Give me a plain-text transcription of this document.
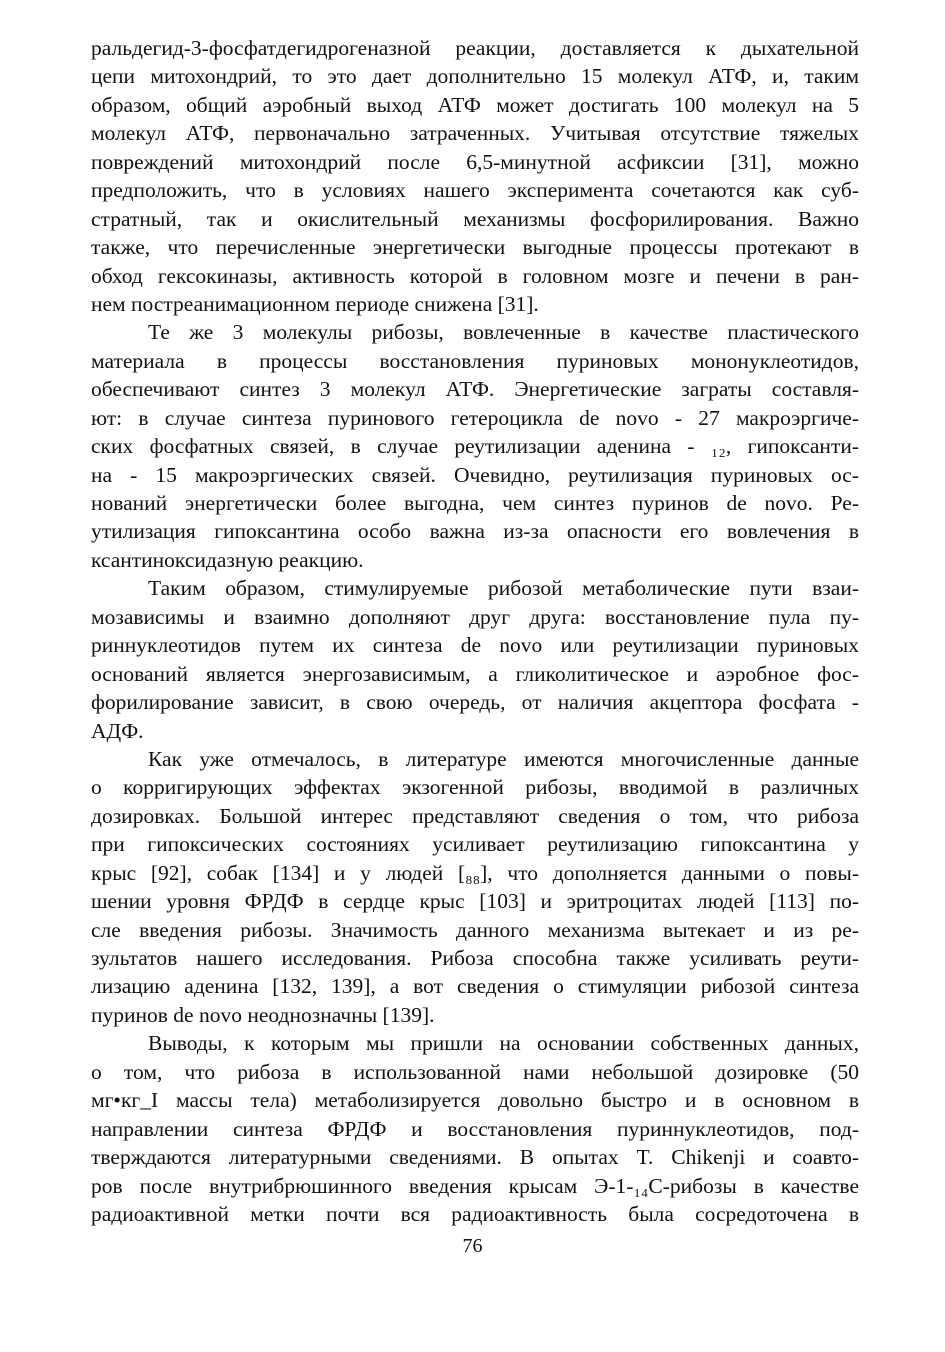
ральдегид-3-фосфатдегидрогеназной реакции, доставляется к дыхательной
цепи митохондрий, то это дает дополнительно 15 молекул АТФ, и, таким
образом, общий аэробный выход АТФ может достигать 100 молекул на 5
молекул АТФ, первоначально затраченных. Учитывая отсутствие тяжелых
повреждений митохондрий после 6,5-минутной асфиксии [31], можно
предположить, что в условиях нашего эксперимента сочетаются как суб-
стратный, так и окислительный механизмы фосфорилирования. Важно
также, что перечисленные энергетически выгодные процессы протекают в
обход гексокиназы, активность которой в головном мозге и печени в ран-
нем постреанимационном периоде снижена [31].
Те же 3 молекулы рибозы, вовлеченные в качестве пластического
материала в процессы восстановления пуриновых мононуклеотидов,
обеспечивают синтез 3 молекул АТФ. Энергетические заграты составля-
ют: в случае синтеза пуринового гетероцикла de novo - 27 макроэргиче-
ских фосфатных связей, в случае реутилизации аденина - ₁₂, гипоксанти-
на - 15 макроэргических связей. Очевидно, реутилизация пуриновых ос-
нований энергетически более выгодна, чем синтез пуринов de novo. Ре-
утилизация гипоксантина особо важна из-за опасности его вовлечения в
ксантиноксидазную реакцию.
Таким образом, стимулируемые рибозой метаболические пути взаи-
мозависимы и взаимно дополняют друг друга: восстановление пула пу-
риннуклеотидов путем их синтеза de novo или реутилизации пуриновых
оснований является энергозависимым, а гликолитическое и аэробное фос-
форилирование зависит, в свою очередь, от наличия акцептора фосфата -
АДФ.
Как уже отмечалось, в литературе имеются многочисленные данные
о корригирующих эффектах экзогенной рибозы, вводимой в различных
дозировках. Большой интерес представляют сведения о том, что рибоза
при гипоксических состояниях усиливает реутилизацию гипоксантина у
крыс [92], собак [134] и у людей [₈₈], что дополняется данными о повы-
шении уровня ФРДФ в сердце крыс [103] и эритроцитах людей [113] по-
сле введения рибозы. Значимость данного механизма вытекает и из ре-
зультатов нашего исследования. Рибоза способна также усиливать реути-
лизацию аденина [132, 139], а вот сведения о стимуляции рибозой синтеза
пуринов de novo неоднозначны [139].
Выводы, к которым мы пришли на основании собственных данных,
о том, что рибоза в использованной нами небольшой дозировке (50
мг•кг_I массы тела) метаболизируется довольно быстро и в основном в
направлении синтеза ФРДФ и восстановления пуриннуклеотидов, под-
тверждаются литературными сведениями. В опытах T. Chikenji и соавто-
ров после внутрибрюшинного введения крысам Э-1-₁₄С-рибозы в качестве
радиоактивной метки почти вся радиоактивность была сосредоточена в
76
